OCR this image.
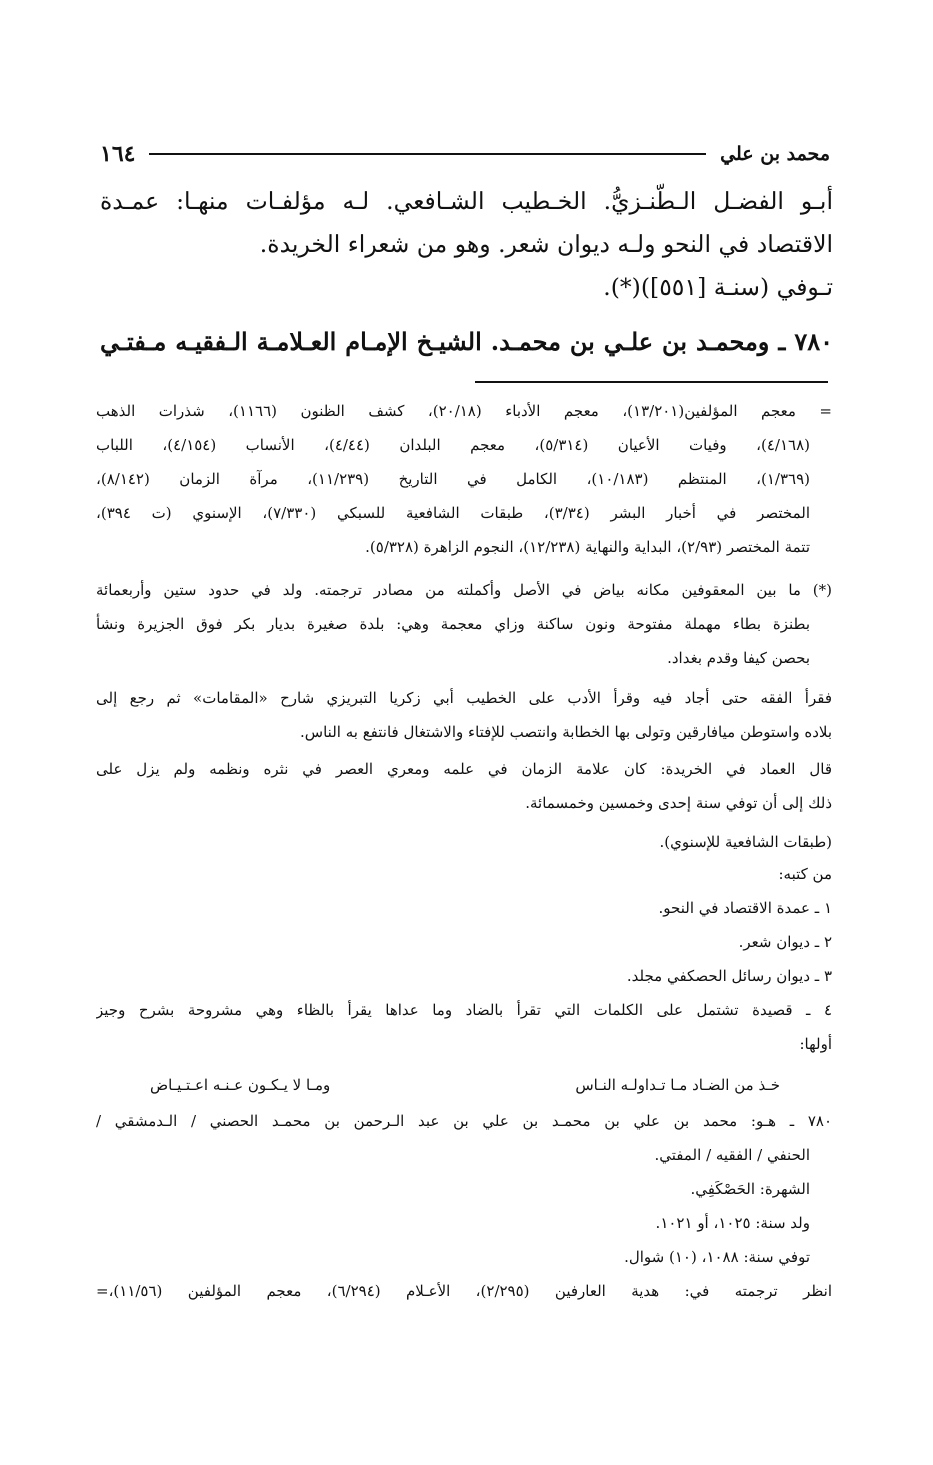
محمد بن علي
١٦٤
أبـو الفضـل الـطّنـزيُّ. الخـطيب الشـافعي. لـه مؤلفـات منهـا: عمـدة
الاقتصاد في النحو ولـه ديوان شعر. وهو من شعراء الخريدة.
تـوفي (سنـة [٥٥١])(*).
٧٨٠ ـ ومحمـد بن علـي بن محمـد. الشيـخ الإمـام العـلامـة الـفقيـه مـفتـي
= معجم المؤلفين(١٣/٢٠١)، معجم الأدباء (٢٠/١٨)، كشف الظنون (١١٦٦)، شذرات الذهب
(٤/١٦٨)، وفيات الأعيان (٥/٣١٤)، معجم البلدان (٤/٤٤)، الأنساب (٤/١٥٤)، اللباب
(١/٣٦٩)، المنتظم (١٠/١٨٣)، الكامل في التاريخ (١١/٢٣٩)، مرآة الزمان (٨/١٤٢)،
المختصر في أخبار البشر (٣/٣٤)، طبقات الشافعية للسبكي (٧/٣٣٠)، الإسنوي (ت ٣٩٤)،
تتمة المختصر (٢/٩٣)، البداية والنهاية (١٢/٢٣٨)، النجوم الزاهرة (٥/٣٢٨).
(*) ما بين المعقوفين مكانه بياض في الأصل وأكملته من مصادر ترجمته. ولد في حدود ستين وأربعمائة
بطنزة بطاء مهملة مفتوحة ونون ساكنة وزاي معجمة وهي: بلدة صغيرة بديار بكر فوق الجزيرة ونشأ
بحصن كيفا وقدم بغداد.
فقرأ الفقه حتى أجاد فيه وقرأ الأدب على الخطيب أبي زكريا التبريزي شارح «المقامات» ثم رجع إلى
بلاده واستوطن ميافارقين وتولى بها الخطابة وانتصب للإفتاء والاشتغال فانتفع به الناس.
قال العماد في الخريدة: كان علامة الزمان في علمه ومعري العصر في نثره ونظمه ولم يزل على
ذلك إلى أن توفي سنة إحدى وخمسين وخمسمائة.
(طبقات الشافعية للإسنوي).
من كتبه:
١ ـ عمدة الاقتصاد في النحو.
٢ ـ ديوان شعر.
٣ ـ ديوان رسائل الحصكفي مجلد.
٤ ـ قصيدة تشتمل على الكلمات التي تقرأ بالضاد وما عداها يقرأ بالظاء وهي مشروحة بشرح وجيز
أولها:
خـذ من الضـاد مـا تـداولـه النـاس
ومـا لا يـكـون عـنـه اعـتـيـاض
٧٨٠ ـ هـو: محمد بن علي بن محمـد بن علي بن عبد الـرحمن بن محمـد الحصني / الـدمشقي /
الحنفي / الفقيه / المفتي.
الشهرة: الحَصْكَفِي.
ولد سنة: ١٠٢٥، أو ١٠٢١.
توفي سنة: ١٠٨٨، (١٠) شوال.
انظر ترجمته في: هدية العارفين (٢/٢٩٥)، الأعـلام (٦/٢٩٤)، معجم المؤلفين (١١/٥٦)،=
